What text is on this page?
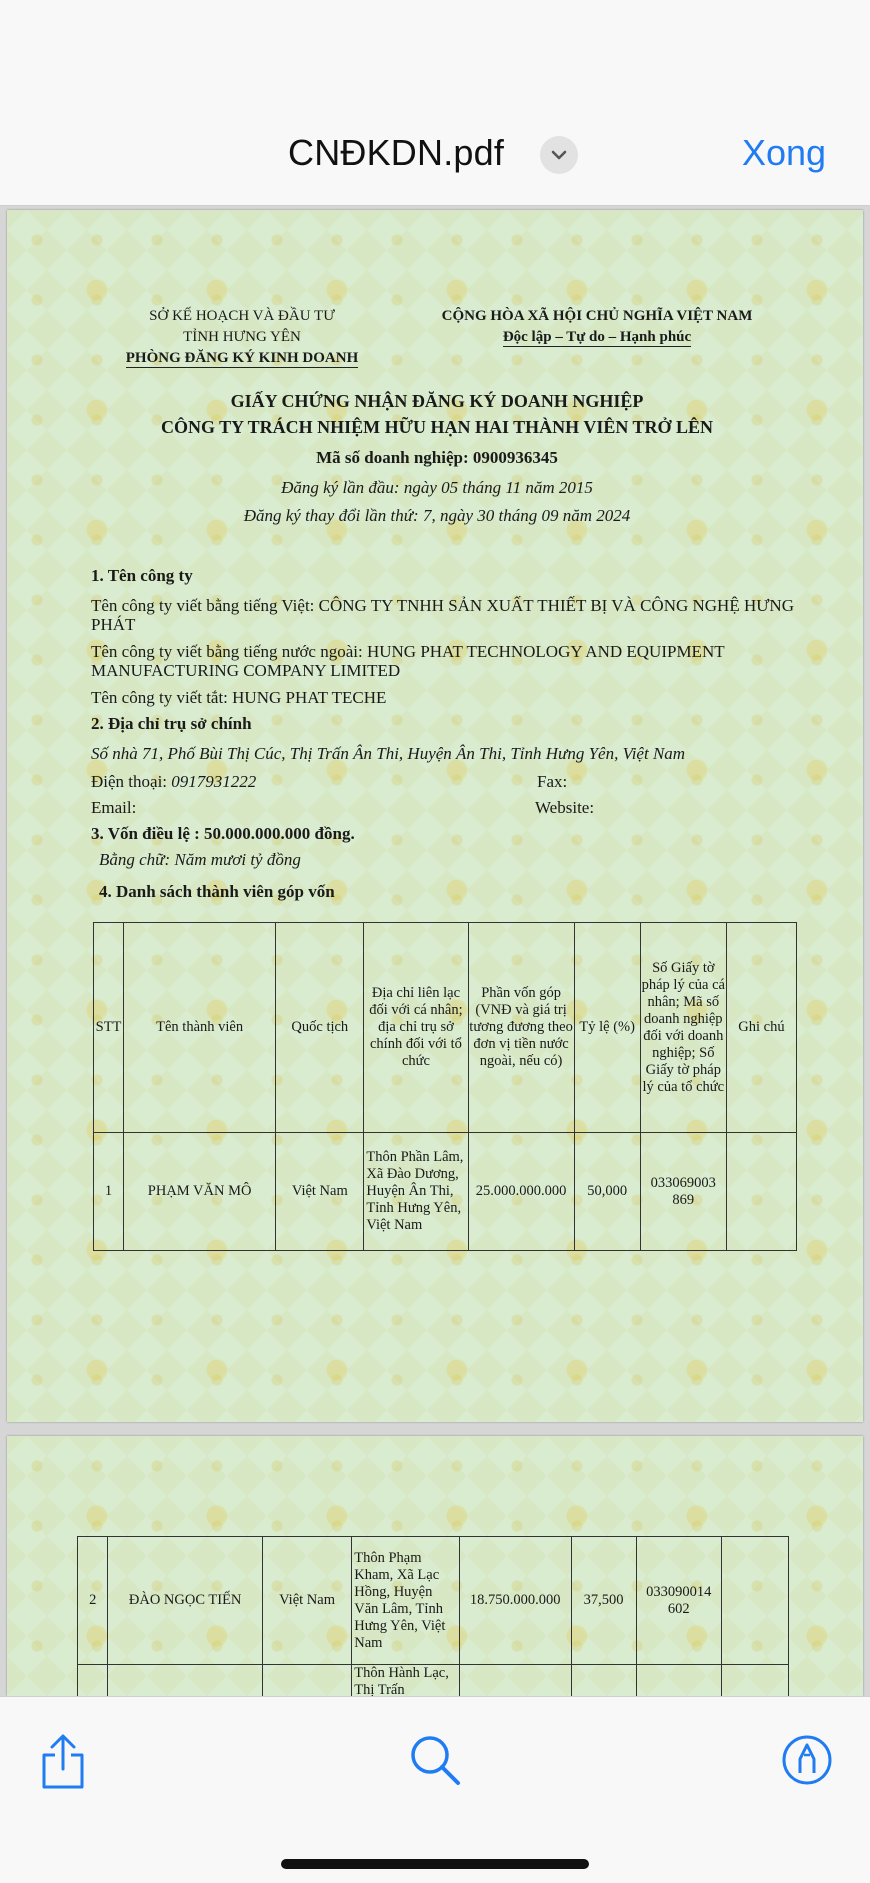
CNĐKDN.pdf	Xong
SỞ KẾ HOẠCH VÀ ĐẦU TƯ
TỈNH HƯNG YÊN
PHÒNG ĐĂNG KÝ KINH DOANH
CỘNG HÒA XÃ HỘI CHỦ NGHĨA VIỆT NAM
Độc lập – Tự do – Hạnh phúc
GIẤY CHỨNG NHẬN ĐĂNG KÝ DOANH NGHIỆP
CÔNG TY TRÁCH NHIỆM HỮU HẠN HAI THÀNH VIÊN TRỞ LÊN
Mã số doanh nghiệp: 0900936345
Đăng ký lần đầu: ngày 05 tháng 11 năm 2015
Đăng ký thay đổi lần thứ: 7, ngày 30 tháng 09 năm 2024
1. Tên công ty
Tên công ty viết bằng tiếng Việt: CÔNG TY TNHH SẢN XUẤT THIẾT BỊ VÀ CÔNG NGHỆ HƯNG PHÁT
Tên công ty viết bằng tiếng nước ngoài: HUNG PHAT TECHNOLOGY AND EQUIPMENT MANUFACTURING COMPANY LIMITED
Tên công ty viết tắt: HUNG PHAT TECHE
2. Địa chỉ trụ sở chính
Số nhà 71, Phố Bùi Thị Cúc, Thị Trấn Ân Thi, Huyện Ân Thi, Tỉnh Hưng Yên, Việt Nam
Điện thoại: 0917931222	Fax:
Email:	Website:
3. Vốn điều lệ : 50.000.000.000 đồng.
Bằng chữ: Năm mươi tỷ đồng
4. Danh sách thành viên góp vốn
STT	Tên thành viên	Quốc tịch	Địa chỉ liên lạc đối với cá nhân; địa chỉ trụ sở chính đối với tổ chức	Phần vốn góp (VNĐ và giá trị tương đương theo đơn vị tiền nước ngoài, nếu có)	Tỷ lệ (%)	Số Giấy tờ pháp lý của cá nhân; Mã số doanh nghiệp đối với doanh nghiệp; Số Giấy tờ pháp lý của tổ chức	Ghi chú
1	PHẠM VĂN MÔ	Việt Nam	Thôn Phần Lâm, Xã Đào Dương, Huyện Ân Thi, Tỉnh Hưng Yên, Việt Nam	25.000.000.000	50,000	033069003 869	
2	ĐÀO NGỌC TIẾN	Việt Nam	Thôn Phạm Kham, Xã Lạc Hồng, Huyện Văn Lâm, Tỉnh Hưng Yên, Việt Nam	18.750.000.000	37,500	033090014 602	
			Thôn Hành Lạc, Thị Trấn				
